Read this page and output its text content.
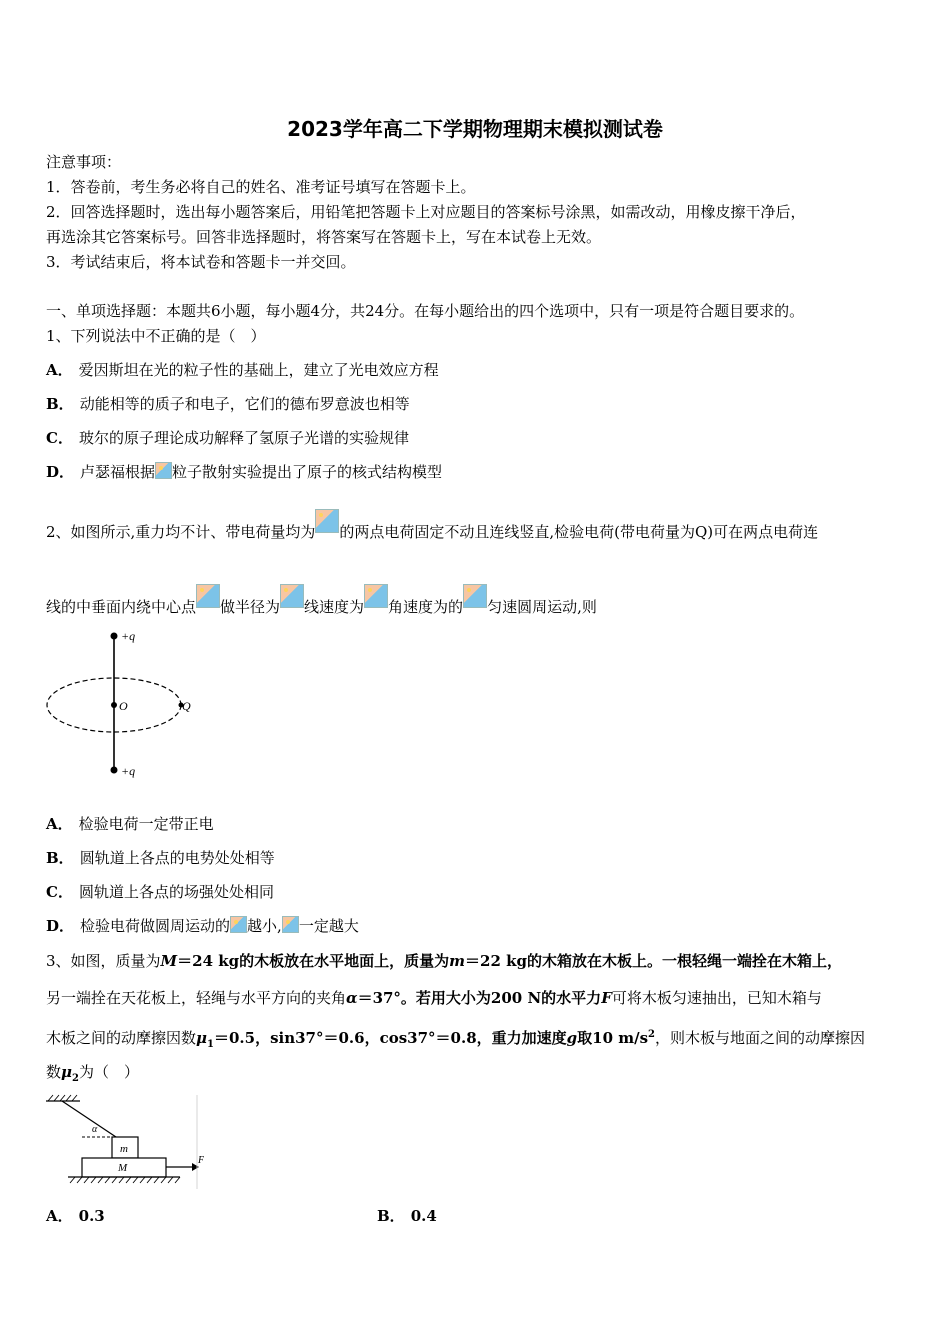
2023学年高二下学期物理期末模拟测试卷
注意事项：
1．答卷前，考生务必将自己的姓名、准考证号填写在答题卡上。
2．回答选择题时，选出每小题答案后，用铅笔把答题卡上对应题目的答案标号涂黑，如需改动，用橡皮擦干净后，
再选涂其它答案标号。回答非选择题时，将答案写在答题卡上，写在本试卷上无效。
3．考试结束后，将本试卷和答题卡一并交回。
一、单项选择题：本题共6小题，每小题4分，共24分。在每小题给出的四个选项中，只有一项是符合题目要求的。
1、下列说法中不正确的是（　）
A． 爱因斯坦在光的粒子性的基础上，建立了光电效应方程
B． 动能相等的质子和电子，它们的德布罗意波也相等
C． 玻尔的原子理论成功解释了氢原子光谱的实验规律
D． 卢瑟福根据 粒子散射实验提出了原子的核式结构模型
2、如图所示,重力均不计、带电荷量均为 的两点电荷固定不动且连线竖直,检验电荷(带电荷量为Q)可在两点电荷连
线的中垂面内绕中心点 做半径为 线速度为 角速度为的 匀速圆周运动,则
+q
O	Q
+q
A． 检验电荷一定带正电
B． 圆轨道上各点的电势处处相等
C． 圆轨道上各点的场强处处相同
D． 检验电荷做圆周运动的 越小, 一定越大
3、如图，质量为M＝24 kg的木板放在水平地面上，质量为m＝22 kg的木箱放在木板上。一根轻绳一端拴在木箱上，
另一端拴在天花板上，轻绳与水平方向的夹角α＝37°。若用大小为200 N的水平力F可将木板匀速抽出，已知木箱与
木板之间的动摩擦因数$\mu_1=0.5$，sin37°＝0.6，cos37°＝0.8，重力加速度g取10 $m/s^2$，则木板与地面之间的动摩擦因
数$\mu_2$为（　）
α
m
M
F
A． 0.3	B． 0.4
